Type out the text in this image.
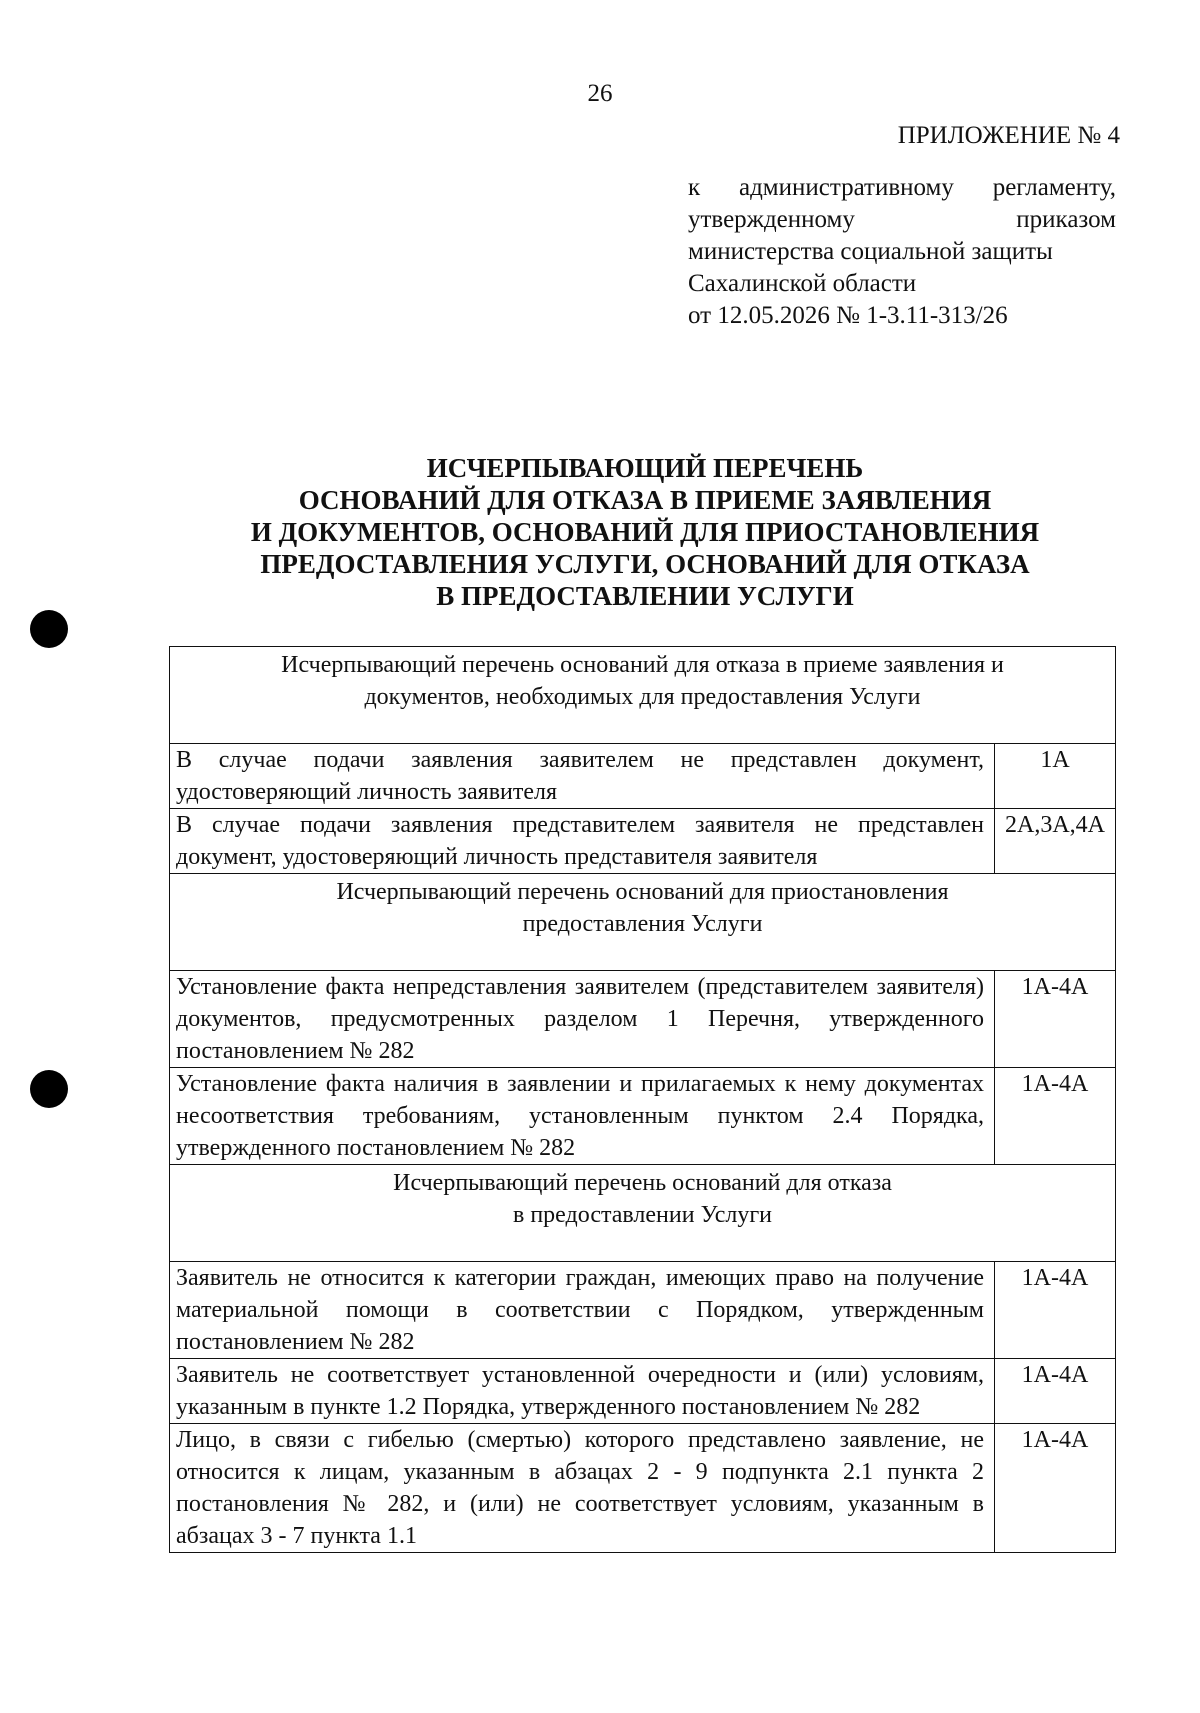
26
ПРИЛОЖЕНИЕ № 4
к административному регламенту,
утвержденному приказом
министерства социальной защиты
Сахалинской области
от 12.05.2026 № 1-3.11-313/26
ИСЧЕРПЫВАЮЩИЙ ПЕРЕЧЕНЬ
ОСНОВАНИЙ ДЛЯ ОТКАЗА В ПРИЕМЕ ЗАЯВЛЕНИЯ
И ДОКУМЕНТОВ, ОСНОВАНИЙ ДЛЯ ПРИОСТАНОВЛЕНИЯ
ПРЕДОСТАВЛЕНИЯ УСЛУГИ, ОСНОВАНИЙ ДЛЯ ОТКАЗА
В ПРЕДОСТАВЛЕНИИ УСЛУГИ
Исчерпывающий перечень оснований для отказа в приеме заявления и
документов, необходимых для предоставления Услуги	

В случае подачи заявления заявителем не представлен документ, удостоверяющий личность заявителя	1А
В случае подачи заявления представителем заявителя не представлен документ, удостоверяющий личность представителя заявителя	2А,3А,4А

Исчерпывающий перечень оснований для приостановления
предоставления Услуги	

Установление факта непредставления заявителем (представителем заявителя) документов, предусмотренных разделом 1 Перечня, утвержденного постановлением № 282	1А-4А
Установление факта наличия в заявлении и прилагаемых к нему документах несоответствия требованиям, установленным пунктом 2.4 Порядка, утвержденного постановлением № 282	1А-4А

Исчерпывающий перечень оснований для отказа
в предоставлении Услуги	

Заявитель не относится к категории граждан, имеющих право на получение материальной помощи в соответствии с Порядком, утвержденным постановлением № 282	1А-4А
Заявитель не соответствует установленной очередности и (или) условиям, указанным в пункте 1.2 Порядка, утвержденного постановлением № 282	1А-4А
Лицо, в связи с гибелью (смертью) которого представлено заявление, не относится к лицам, указанным в абзацах 2 - 9 подпункта 2.1 пункта 2 постановления № 282, и (или) не соответствует условиям, указанным в абзацах 3 - 7 пункта 1.1	1А-4А
